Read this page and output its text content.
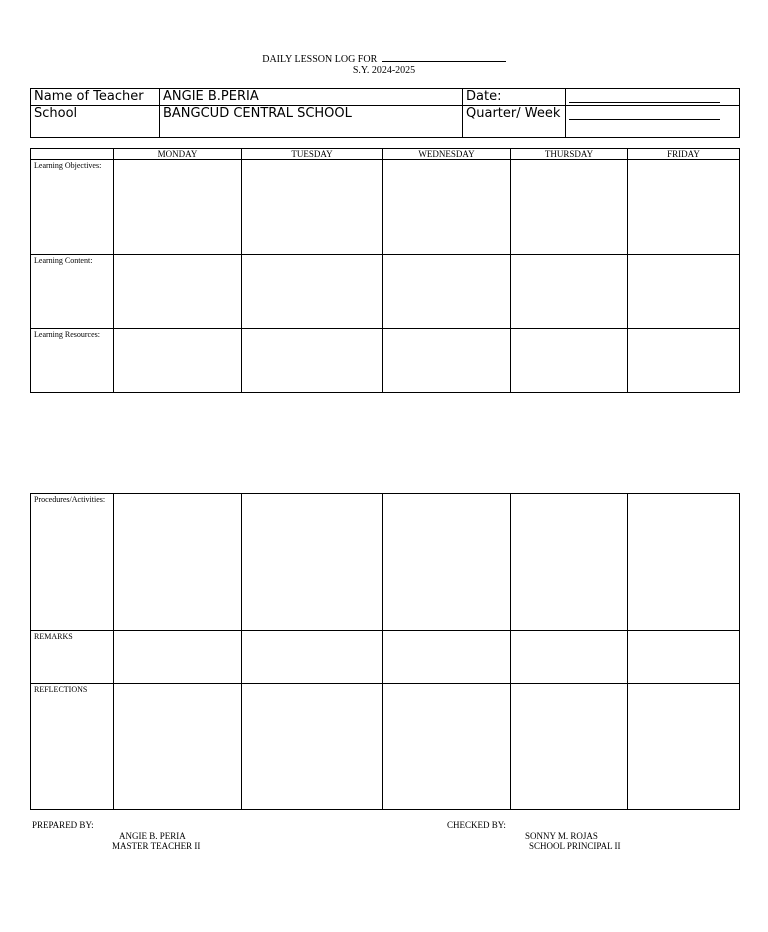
DAILY LESSON LOG FOR
S.Y. 2024-2025
Name of Teacher	ANGIE B.PERIA	Date:	

School	BANGCUD CENTRAL SCHOOL	Quarter/ Week	
	MONDAY	TUESDAY	WEDNESDAY	THURSDAY	FRIDAY
Learning Objectives:					
Learning Content:					
Learning Resources:					
Procedures/Activities:					
REMARKS					
REFLECTIONS					
PREPARED BY:
ANGIE B. PERIA
MASTER TEACHER II
CHECKED BY:
SONNY M. ROJAS
SCHOOL PRINCIPAL II
